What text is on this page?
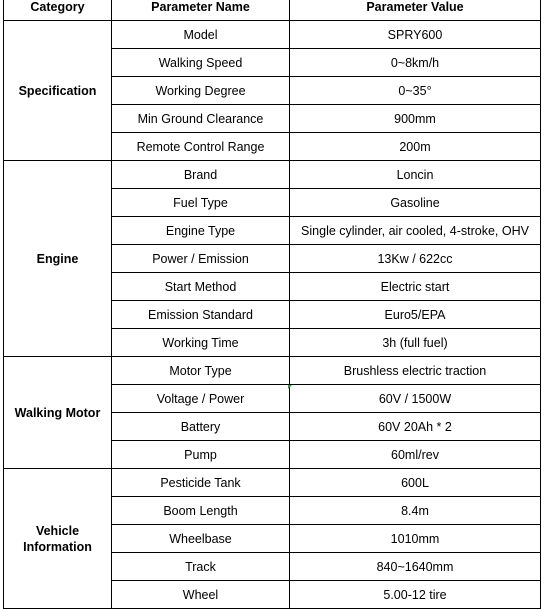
Category	Parameter Name	Parameter Value
Specification	Model	SPRY600
	Walking Speed	0~8km/h
	Working Degree	0~35°
	Min Ground Clearance	900mm
	Remote Control Range	200m
Engine	Brand	Loncin
	Fuel Type	Gasoline
	Engine Type	Single cylinder, air cooled, 4-stroke, OHV
	Power / Emission	13Kw / 622cc
	Start Method	Electric start
	Emission Standard	Euro5/EPA
	Working Time	3h (full fuel)
Walking Motor	Motor Type	Brushless electric traction
	Voltage / Power	60V / 1500W
	Battery	60V 20Ah * 2
	Pump	60ml/rev
Vehicle Information	Pesticide Tank	600L
	Boom Length	8.4m
	Wheelbase	1010mm
	Track	840~1640mm
	Wheel	5.00-12 tire
